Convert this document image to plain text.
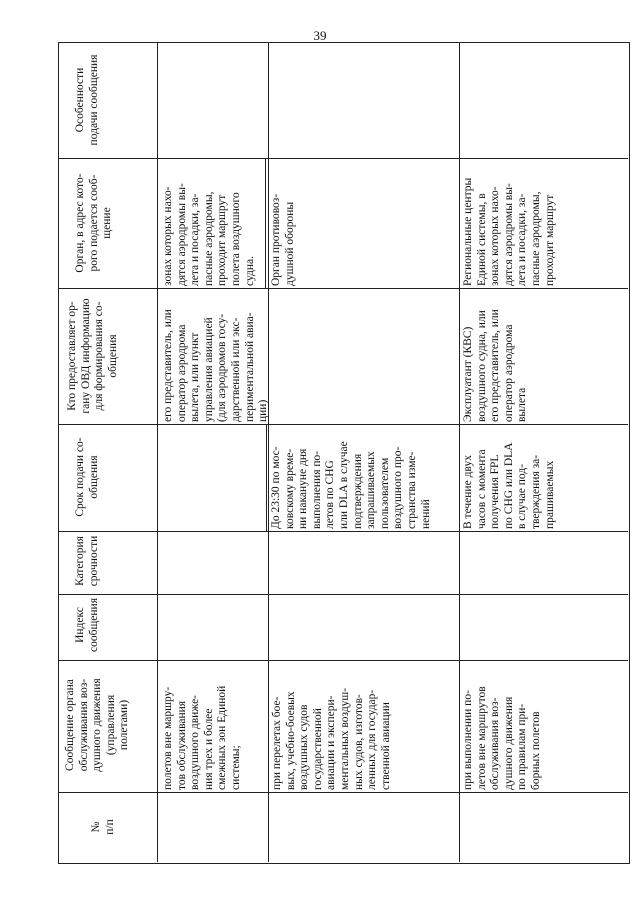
39
№
п/п
Сообщение органа
обслуживания воз-
душного движения
(управления
полетами)
Индекс
сообщения
Категория
срочности
Срок подачи со-
общения
Кто предоставляет ор-
гану ОВД информацию
для формирования со-
общения
Орган, в адрес кото-
рого подается сооб-
щение
Особенности
подачи сообщения
полетов вне маршру-
тов обслуживания
воздушного движе-
ния трех и более
смежных зон Единой
системы;	при перелетах бое-
вых, учебно-боевых
воздушных судов
государственной
авиации и экспери-
ментальных воздуш-
ных судов, изготов-
ленных для государ-
ственной авиации
До 23:30 по мос-
ковскому време-
ни накануне дня
выполнения по-
летов по CHG
или DLA в случае
подтверждения
запрашиваемых
пользователем
воздушного про-
странства изме-
нений
его представитель, или
оператор аэродрома
вылета, или пункт
управления авиацией
(для аэродромов госу-
дарственной или экс-
периментальной авиа-
ции)
зонах которых нахо-
дятся аэродромы вы-
лета и посадки, за-
пасные аэродромы,
проходит маршрут
полета воздушного
судна.	Орган противовоз-
душной обороны
при выполнении по-
летов вне маршрутов
обслуживания воз-
душного движения
по правилам при-
борных полетов
В течение двух
часов с момента
получения FPL
по CHG или DLA
в случае под-
тверждения за-
прашиваемых
Эксплуатант (КВС)
воздушного судна, или
его представитель, или
оператор аэродрома
вылета
Региональные центры
Единой системы, в
зонах которых нахо-
дятся аэродромы вы-
лета и посадки, за-
пасные аэродромы,
проходит маршрут
